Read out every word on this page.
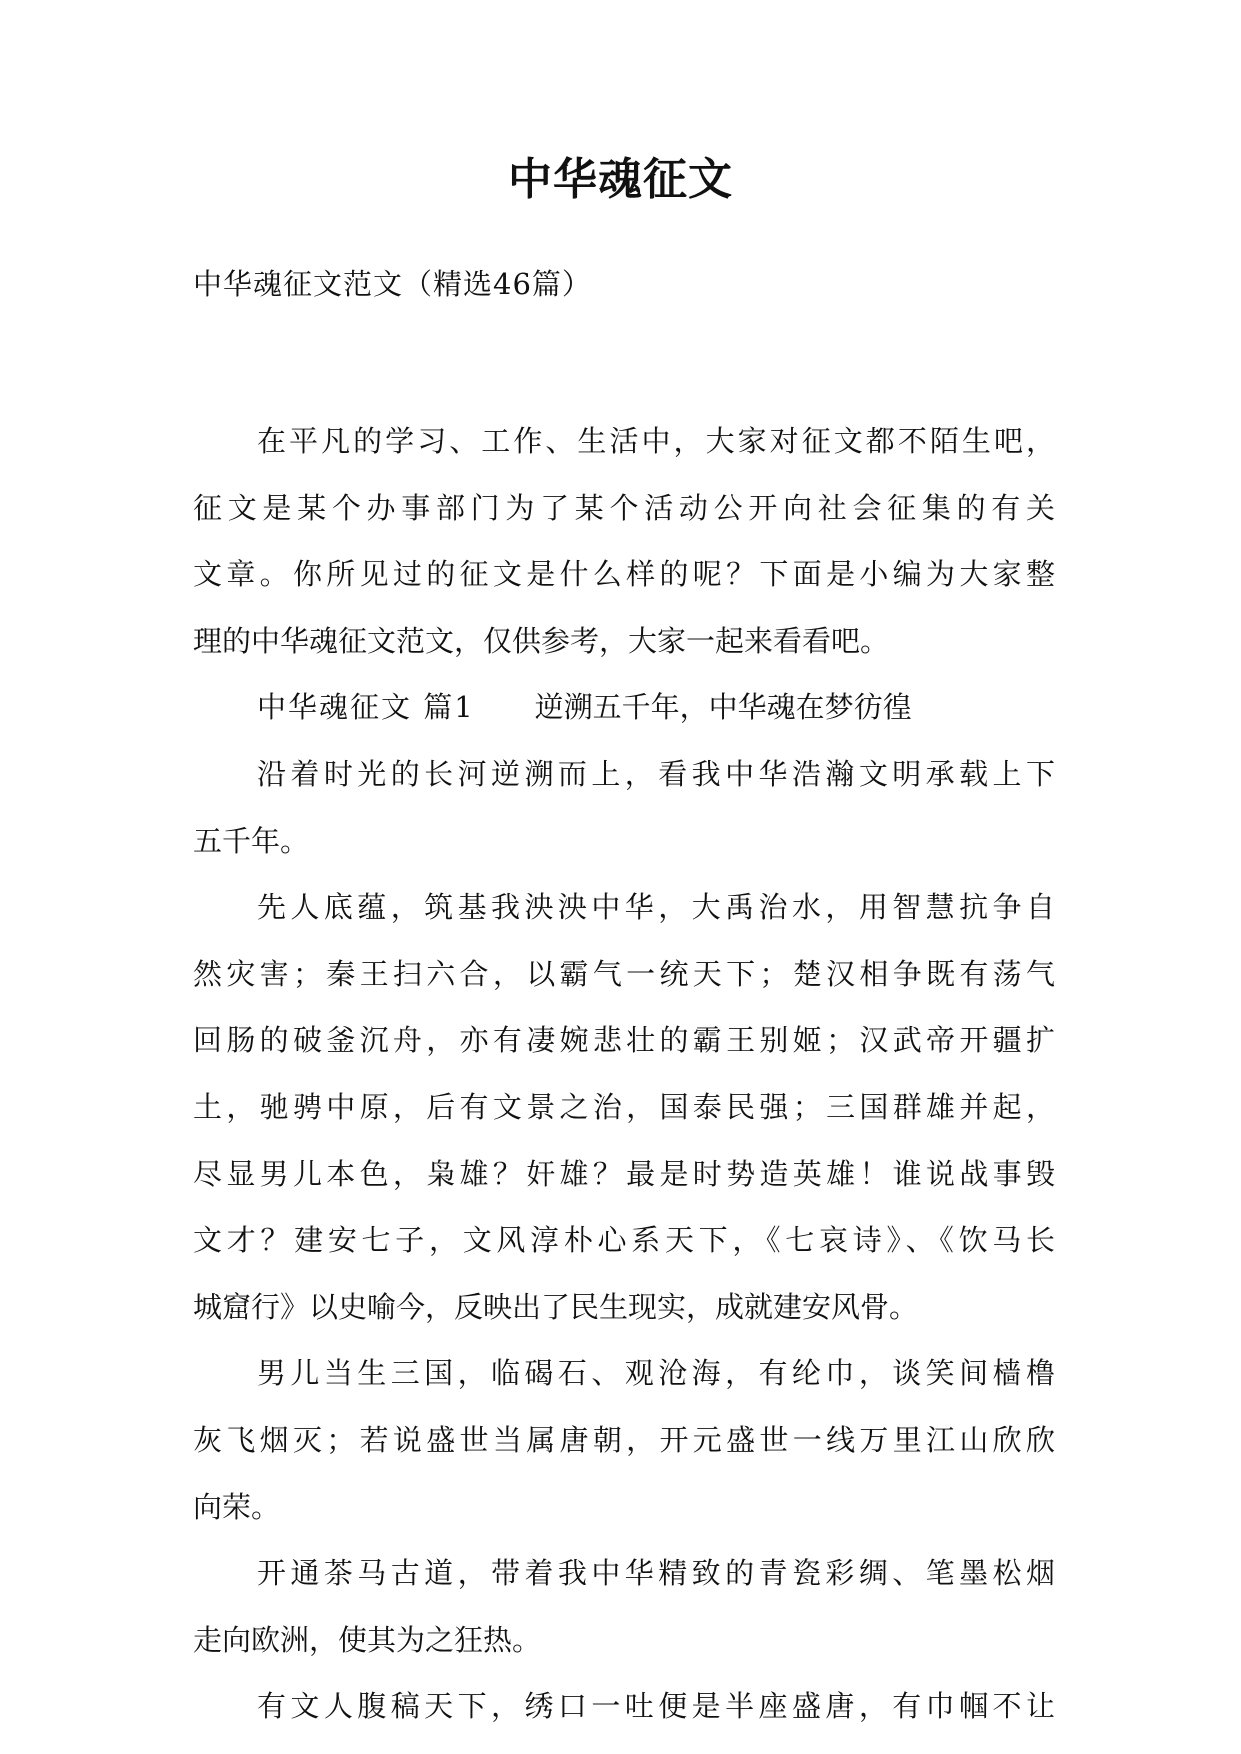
中华魂征文

中华魂征文范文（精选46篇）

在平凡的学习、工作、生活中，大家对征文都不陌生吧，

征文是某个办事部门为了某个活动公开向社会征集的有关

文章。你所见过的征文是什么样的呢？下面是小编为大家整

理的中华魂征文范文，仅供参考，大家一起来看看吧。

中华魂征文 篇1 逆溯五千年，中华魂在梦彷徨

沿着时光的长河逆溯而上，看我中华浩瀚文明承载上下

五千年。

先人底蕴，筑基我泱泱中华，大禹治水，用智慧抗争自

然灾害；秦王扫六合，以霸气一统天下；楚汉相争既有荡气

回肠的破釜沉舟，亦有凄婉悲壮的霸王别姬；汉武帝开疆扩

土，驰骋中原，后有文景之治，国泰民强；三国群雄并起，

尽显男儿本色，枭雄？奸雄？最是时势造英雄！谁说战事毁

文才？建安七子，文风淳朴心系天下，《七哀诗》、《饮马长

城窟行》以史喻今，反映出了民生现实，成就建安风骨。

男儿当生三国，临碣石、观沧海，有纶巾，谈笑间樯橹

灰飞烟灭；若说盛世当属唐朝，开元盛世一线万里江山欣欣

向荣。

开通茶马古道，带着我中华精致的青瓷彩绸、笔墨松烟

走向欧洲，使其为之狂热。

有文人腹稿天下，绣口一吐便是半座盛唐，有巾帼不让
